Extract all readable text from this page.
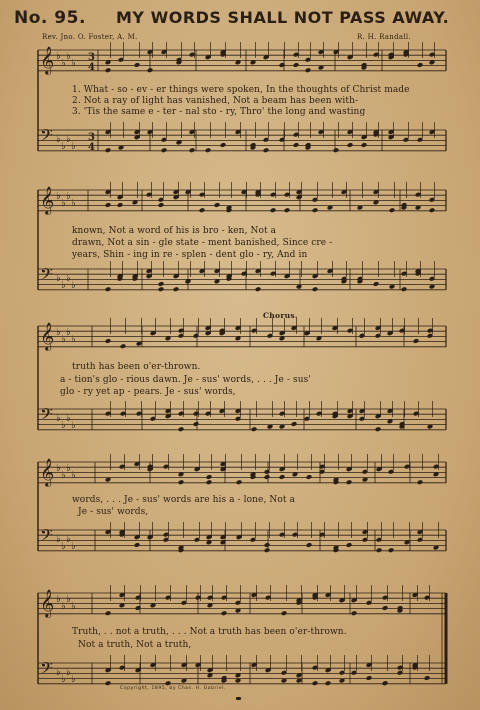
No. 95. MY WORDS SHALL NOT PASS AWAY.
Rev. Jno. O. Foster, A. M.	R. H. Randall.
𝄞
𝄢
♭
♭
♭
♭
♭
♭
♭
♭
3
4
3
4
𝄞
𝄢
♭
♭
♭
♭
♭
♭
♭
♭
𝄞
𝄢
♭
♭
♭
♭
♭
♭
♭
♭
𝄞
𝄢
♭
♭
♭
♭
♭
♭
♭
♭
𝄞
𝄢
♭
♭
♭
♭
♭
♭
♭
♭
1. What - so - ev - er things were spoken, In the thoughts of Christ made
2. Not a ray of light has vanished, Not a beam has been with-
3. 'Tis the same e - ter - nal sto - ry, Thro' the long and wasting
known, Not a word of his is bro - ken, Not a
drawn, Not a sin - gle state - ment banished, Since cre -
years, Shin - ing in re - splen - dent glo - ry, And in
Chorus.
truth has been o'er-thrown.
a - tion's glo - rious dawn. Je - sus' words, . . . Je - sus'
glo - ry yet ap - pears. Je - sus' words,
words, . . . Je - sus' words are his a - lone, Not a
Je - sus' words,
Truth, . . not a truth, . . . Not a truth has been o'er-thrown.
Not a truth, Not a truth,
Copyright, 1895, by Chas. H. Gabriel.
